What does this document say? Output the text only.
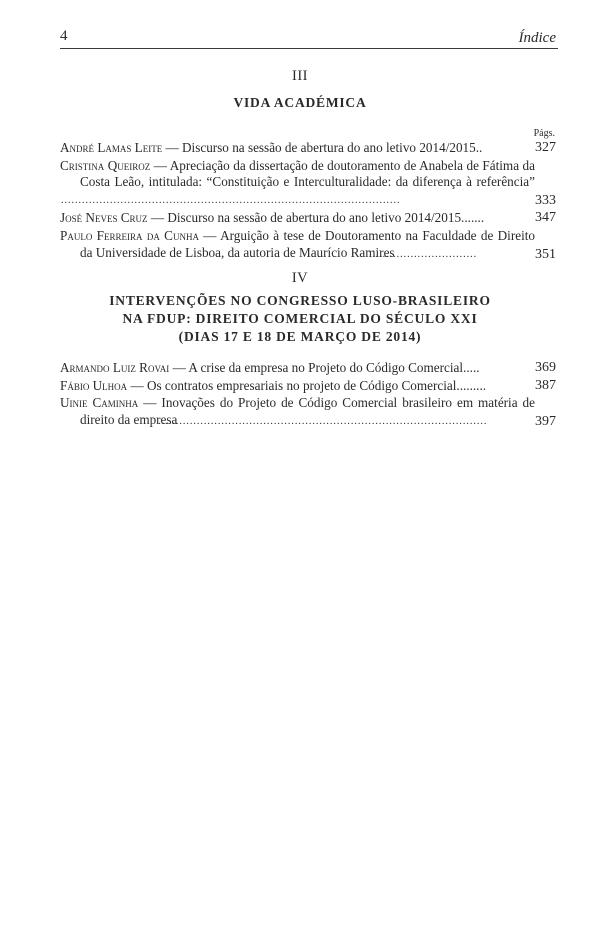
4	Índice
III
VIDA ACADÉMICA
Págs.
André Lamas Leite — Discurso na sessão de abertura do ano letivo 2014/2015..	327
Cristina Queiroz — Apreciação da dissertação de doutoramento de Anabela de Fátima da Costa Leão, intitulada: “Constituição e Interculturalidade: da diferença à referência”.................................................................................................	333
José Neves Cruz — Discurso na sessão de abertura do ano letivo 2014/2015.......	347
Paulo Ferreira da Cunha — Arguição à tese de Doutoramento na Faculdade de Direito da Universidade de Lisboa, da autoria de Maurício Ramires.............................	351
IV
INTERVENÇÕES NO CONGRESSO LUSO-BRASILEIRO
NA FDUP: DIREITO COMERCIAL DO SÉCULO XXI
(DIAS 17 E 18 DE MARÇO DE 2014)
Armando Luiz Rovai — A crise da empresa no Projeto do Código Comercial.....	369
Fábio Ulhoa — Os contratos empresariais no projeto de Código Comercial.........	387
Uinie Caminha — Inovações do Projeto de Código Comercial brasileiro em matéria de direito da empresa..............................................................................................	397
